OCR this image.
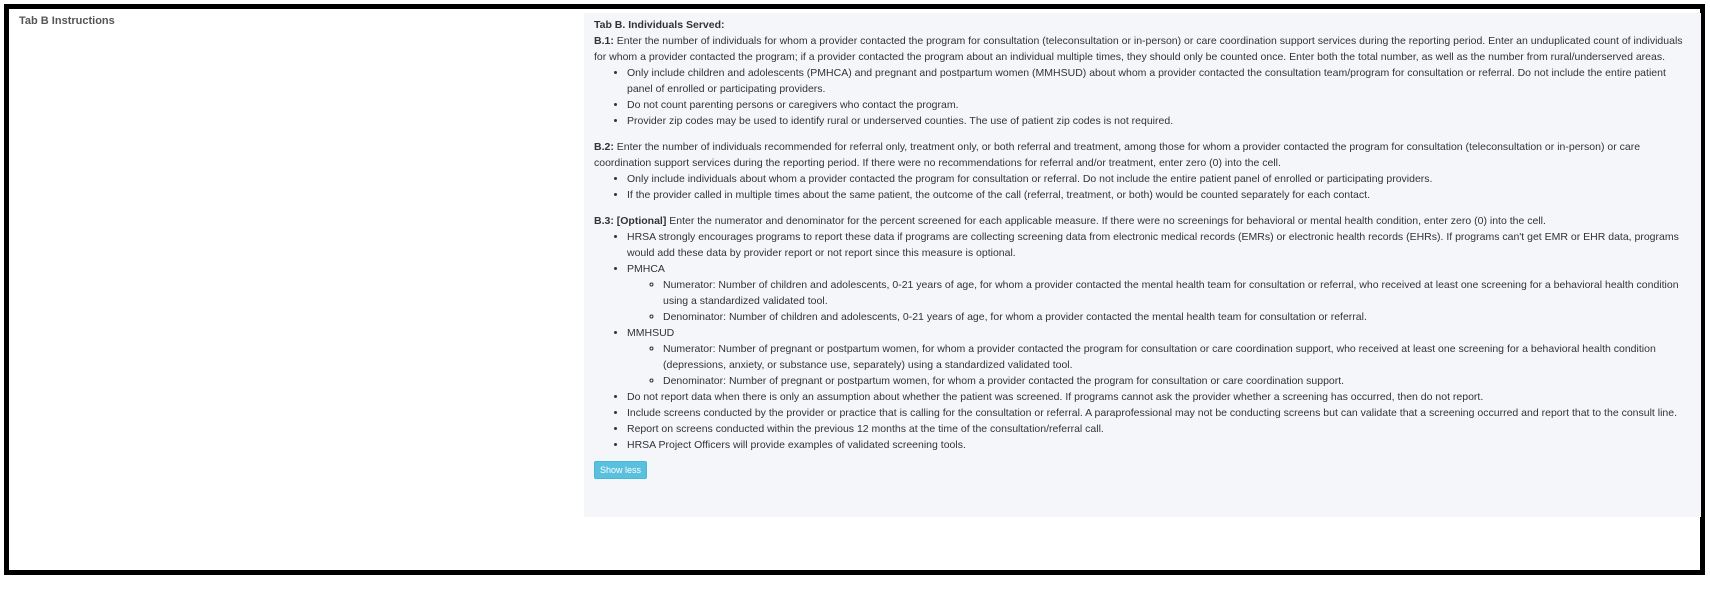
Tab B Instructions	Tab B. Individuals Served:

B.1: Enter the number of individuals for whom a provider contacted the program for consultation (teleconsultation or in-person) or care coordination support services during the reporting period. Enter an unduplicated count of individuals for whom a provider contacted the program; if a provider contacted the program about an individual multiple times, they should only be counted once. Enter both the total number, as well as the number from rural/underserved areas.

• Only include children and adolescents (PMHCA) and pregnant and postpartum women (MMHSUD) about whom a provider contacted the consultation team/program for consultation or referral. Do not include the entire patient panel of enrolled or participating providers.
• Do not count parenting persons or caregivers who contact the program.
• Provider zip codes may be used to identify rural or underserved counties. The use of patient zip codes is not required.

B.2: Enter the number of individuals recommended for referral only, treatment only, or both referral and treatment, among those for whom a provider contacted the program for consultation (teleconsultation or in-person) or care coordination support services during the reporting period. If there were no recommendations for referral and/or treatment, enter zero (0) into the cell.

• Only include individuals about whom a provider contacted the program for consultation or referral. Do not include the entire patient panel of enrolled or participating providers.
• If the provider called in multiple times about the same patient, the outcome of the call (referral, treatment, or both) would be counted separately for each contact.

B.3: [Optional] Enter the numerator and denominator for the percent screened for each applicable measure. If there were no screenings for behavioral or mental health condition, enter zero (0) into the cell.

• HRSA strongly encourages programs to report these data if programs are collecting screening data from electronic medical records (EMRs) or electronic health records (EHRs). If programs can't get EMR or EHR data, programs would add these data by provider report or not report since this measure is optional.
• PMHCA
◦ Numerator: Number of children and adolescents, 0-21 years of age, for whom a provider contacted the mental health team for consultation or referral, who received at least one screening for a behavioral health condition using a standardized validated tool.
◦ Denominator: Number of children and adolescents, 0-21 years of age, for whom a provider contacted the mental health team for consultation or referral.
• MMHSUD
◦ Numerator: Number of pregnant or postpartum women, for whom a provider contacted the program for consultation or care coordination support, who received at least one screening for a behavioral health condition (depressions, anxiety, or substance use, separately) using a standardized validated tool.
◦ Denominator: Number of pregnant or postpartum women, for whom a provider contacted the program for consultation or care coordination support.
• Do not report data when there is only an assumption about whether the patient was screened. If programs cannot ask the provider whether a screening has occurred, then do not report.
• Include screens conducted by the provider or practice that is calling for the consultation or referral. A paraprofessional may not be conducting screens but can validate that a screening occurred and report that to the consult line.
• Report on screens conducted within the previous 12 months at the time of the consultation/referral call.
• HRSA Project Officers will provide examples of validated screening tools.
Show less
